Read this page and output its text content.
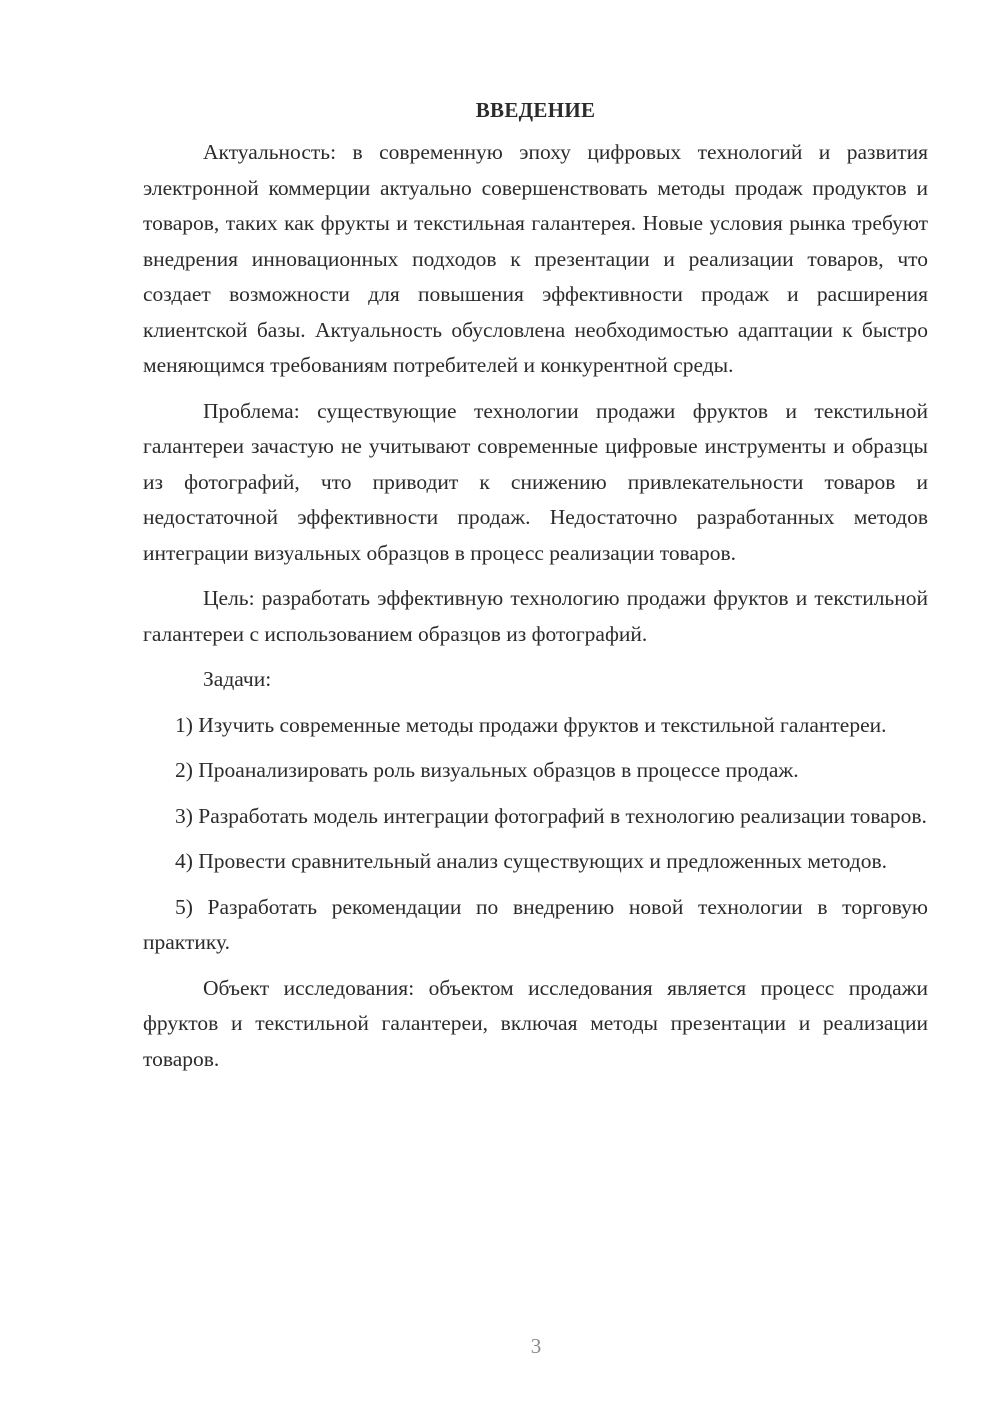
ВВЕДЕНИЕ

Актуальность: в современную эпоху цифровых технологий и развития электронной коммерции актуально совершенствовать методы продаж продуктов и товаров, таких как фрукты и текстильная галантерея. Новые условия рынка требуют внедрения инновационных подходов к презентации и реализации товаров, что создает возможности для повышения эффективности продаж и расширения клиентской базы. Актуальность обусловлена необходимостью адаптации к быстро меняющимся требованиям потребителей и конкурентной среды.

Проблема: существующие технологии продажи фруктов и текстильной галантереи зачастую не учитывают современные цифровые инструменты и образцы из фотографий, что приводит к снижению привлекательности товаров и недостаточной эффективности продаж. Недостаточно разработанных методов интеграции визуальных образцов в процесс реализации товаров.

Цель: разработать эффективную технологию продажи фруктов и текстильной галантереи с использованием образцов из фотографий.

Задачи:

1) Изучить современные методы продажи фруктов и текстильной галантереи.

2) Проанализировать роль визуальных образцов в процессе продаж.

3) Разработать модель интеграции фотографий в технологию реализации товаров.

4) Провести сравнительный анализ существующих и предложенных методов.

5) Разработать рекомендации по внедрению новой технологии в торговую практику.

Объект исследования: объектом исследования является процесс продажи фруктов и текстильной галантереи, включая методы презентации и реализации товаров.

3
